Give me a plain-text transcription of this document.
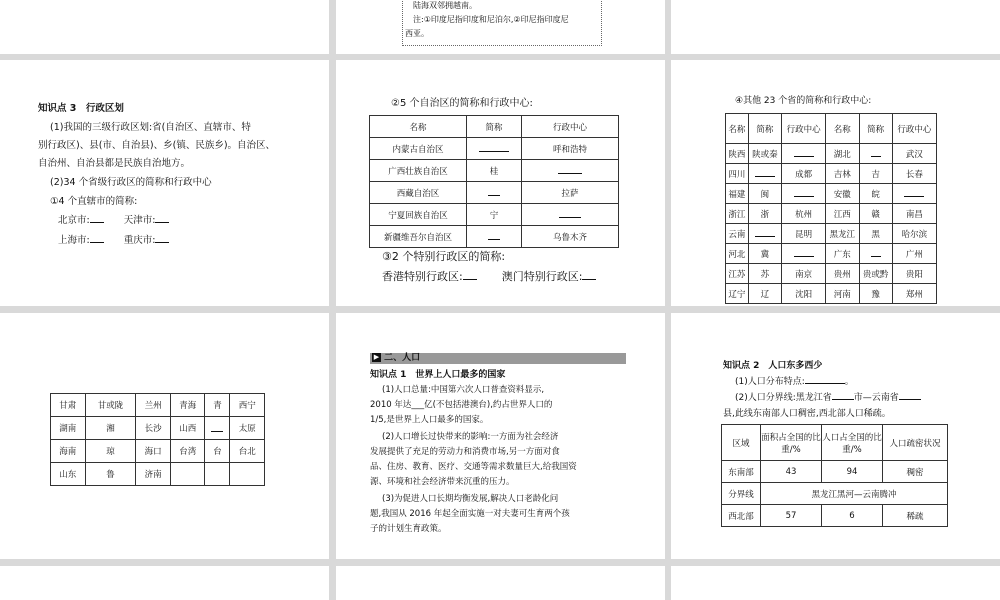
陆海双邻拥越南。
注:①印度尼指印度和尼泊尔,②印尼指印度尼
西亚。
知识点 3　行政区划
(1)我国的三级行政区划:省(自治区、直辖市、特
别行政区)、县(市、自治县)、乡(镇、民族乡)。自治区、
自治州、自治县都是民族自治地方。
(2)34 个省级行政区的简称和行政中心
①4 个直辖市的简称:
北京市:	天津市:
上海市:	重庆市:
②5 个自治区的简称和行政中心:
名称	简称	行政中心
内蒙古自治区		呼和浩特
广西壮族自治区	桂	
西藏自治区		拉萨
宁夏回族自治区	宁	
新疆维吾尔自治区		乌鲁木齐
③2 个特别行政区的简称:
香港特别行政区:	澳门特别行政区:
④其他 23 个省的简称和行政中心:
名称	简称	行政中心	名称	简称	行政中心
陕西	陕或秦		湖北		武汉
四川		成都	吉林	吉	长春
福建	闽		安徽	皖	
浙江	浙	杭州	江西	赣	南昌
云南		昆明	黑龙江	黑	哈尔滨
河北	冀		广东		广州
江苏	苏	南京	贵州	贵或黔	贵阳
辽宁	辽	沈阳	河南	豫	郑州
甘肃	甘或陇	兰州	青海	青	西宁
湖南	湘	长沙	山西		太原
海南	琼	海口	台湾	台	台北
山东	鲁	济南			
▶ 二、人口
知识点 1　世界上人口最多的国家
(1)人口总量:中国第六次人口普查资料显示,
2010 年达___亿(不包括港澳台),约占世界人口的
1/5,是世界上人口最多的国家。
(2)人口增长过快带来的影响:一方面为社会经济
发展提供了充足的劳动力和消费市场,另一方面对食
品、住房、教育、医疗、交通等需求数量巨大,给我国资
源、环境和社会经济带来沉重的压力。
(3)为促进人口长期均衡发展,解决人口老龄化问
题,我国从 2016 年起全面实施一对夫妻可生育两个孩
子的计划生育政策。
知识点 2　人口东多西少
(1)人口分布特点:	。
(2)人口分界线:黑龙江省 市—云南省
县,此线东南部人口稠密,西北部人口稀疏。
区域	面积占全国的比重/%	人口占全国的比重/%	人口疏密状况
东南部	43	94	稠密
分界线	黑龙江黑河—云南腾冲		
西北部	57	6	稀疏
